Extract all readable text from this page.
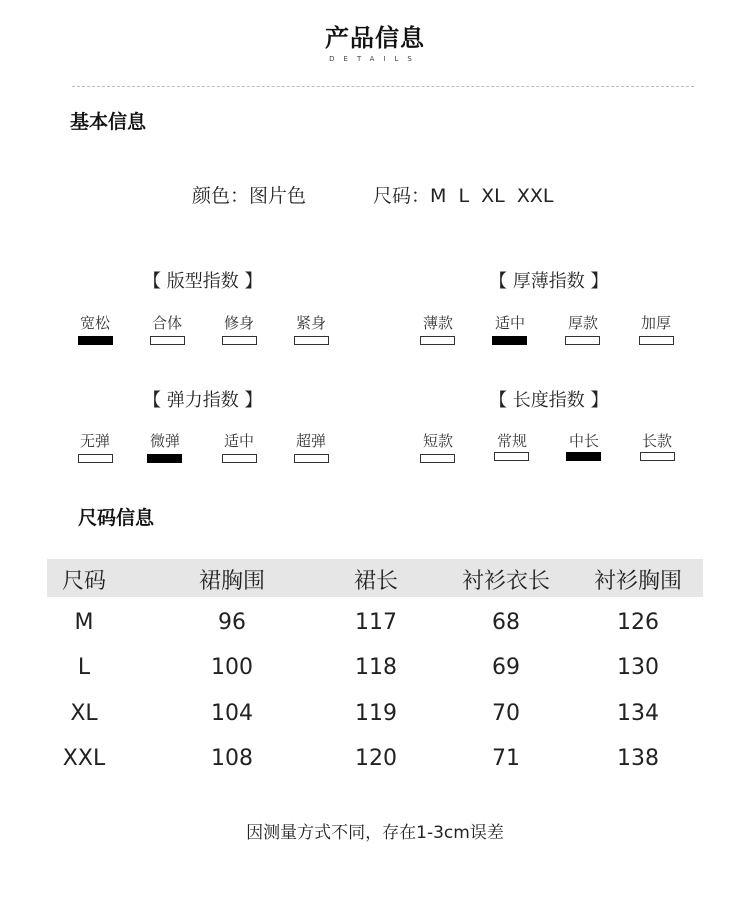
产品信息
DETAILS
基本信息
颜色：图片色	尺码：M  L  XL  XXL
【 版型指数 】
宽松	合体	修身	紧身
【 厚薄指数 】
薄款	适中	厚款	加厚
【 弹力指数 】
无弹	微弹	适中	超弹
【 长度指数 】
短款	常规	中长	长款
尺码信息
尺码	裙胸围	裙长	衬衫衣长	衬衫胸围
M	96	117	68	126
L	100	118	69	130
XL	104	119	70	134
XXL	108	120	71	138
因测量方式不同，存在1-3cm误差
